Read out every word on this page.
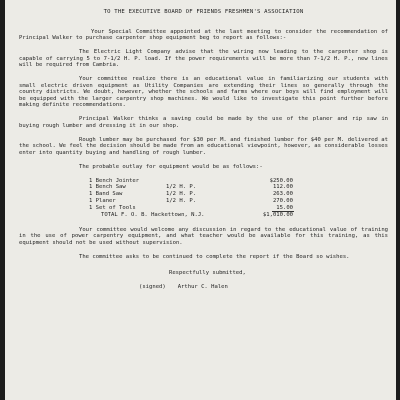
TO THE EXECUTIVE BOARD OF FRIENDS FRESHMEN'S ASSOCIATION

Your Special Committee appointed at the last meeting to consider the recommendation of Principal Walker to purchase carpenter shop equipment beg to report as follows:-

The Electric Light Company advise that the wiring now leading to the carpenter shop is capable of carrying 5 to 7-1/2 H. P. load. If the power requirements will be more than 7-1/2 H. P., new lines will be required from Cambria.

Your committee realize there is an educational value in familiarizing our students with small electric driven equipment as Utility Companies are extending their lines so generally through the country districts. We doubt, however, whether the schools and farms where our boys will find employment will be equipped with the larger carpentry shop machines. We would like to investigate this point further before making definite recommendations.

Principal Walker thinks a saving could be made by the use of the planer and rip saw in buying rough lumber and dressing it in our shop.

Rough lumber may be purchased for $30 per M. and finished lumber for $40 per M. delivered at the school. We feel the decision should be made from an educational viewpoint, however, as considerable losses enter into quantity buying and handling of rough lumber.

The probable outlay for equipment would be as follows:-

1 Bench Jointer	$250.00
1 Bench Saw	1/2 H. P.	112.00
1 Band Saw	1/2 H. P.	263.00
1 Planer	1/2 H. P.	270.00
1 Set of Tools	15.00
TOTAL F. O. B. Hackettown, N.J.	$1,010.00

Your committee would welcome any discussion in regard to the educational value of training in the use of power carpentry equipment, and what teacher would be available for this training, as this equipment should not be used without supervision.

The committee asks to be continued to complete the report if the Board so wishes.

Respectfully submitted,
(signed) Arthur C. Halen
